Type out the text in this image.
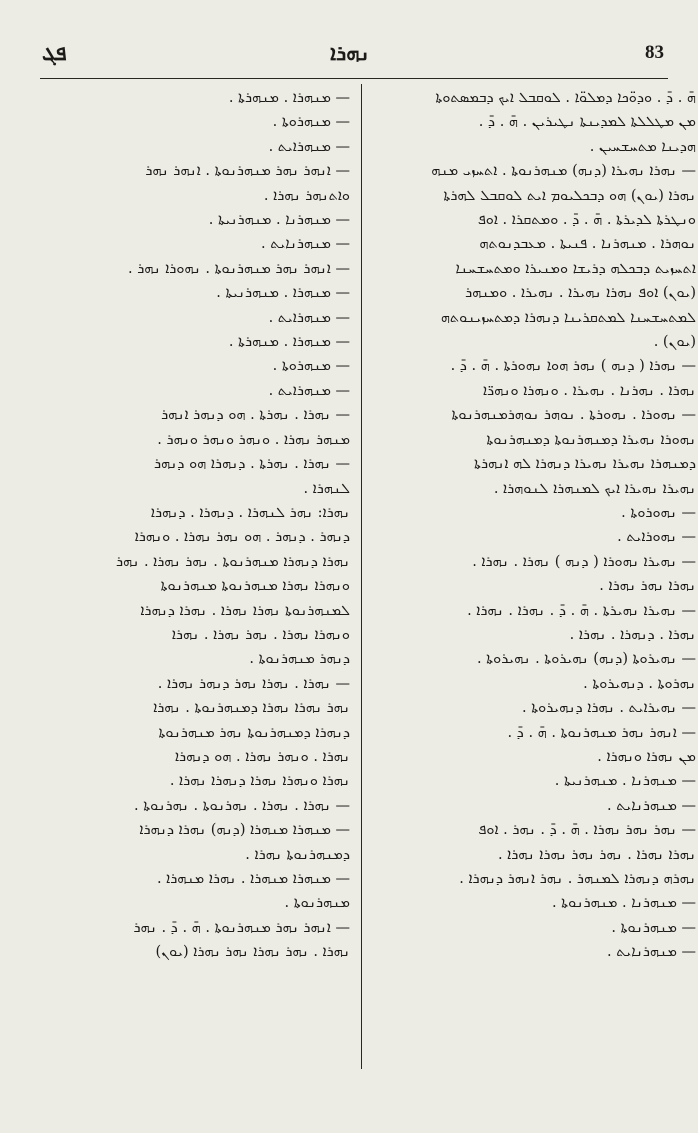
ܦܓ	ܢܗܪܐ	83

ܗ̄ . ܕ̄ . ܘܕܘ̈ܟܐ ܕܡܠܘ̈ܐ . ܠܘܩܒܠ ܐܝܟ ܕܒܡܣܬܘܬܐ

ܡܢ ܡܛܠܠܬܐ ܠܡܕܝܢܬܐ ܢܛܝܪܝܢ . ܗ̄ . ܕ̄ .

ܗܕܝܢܐ ܡܬܚܫܚܝܢ .

— ܢܗܪܐ ܢܗܝܪܐ (ܕܢܗ) ܡܢܗܪܢܘܬܐ . ܐܬܚܙܝ ܡܢܗ

ܢܗܪܐ (ܝܘܢ) ܗܘ ܕܒܟܠܝܘܡ ܐܝܬ ܠܘܩܒܠ ܠܗܪܬܐ

ܘܢܛܪܬܐ ܠܕܝܪܬܐ . ܗ̄ . ܕ̄ . ܘܡܬܩܪܐ . ܐܘܦ

ܢܘܗܪܐ . ܡܢܗܪܢܐ . ܦܢܝܬܐ . ܡܥܒܕܢܘܬܗ

ܐܬܚܙܝܬ ܕܒܟܠܗ ܕܪܝܫܐ ܘܡܢܝܪܐ ܘܡܬܚܫܚܢܐ

(ܝܘܢ) ܐܘܦ ܢܗܪܐ ܢܗܝܪܐ . ܢܗܝܪܐ . ܘܡܢܗܪ

ܠܡܬܚܫܚܢܐ ܠܡܬܩܪܝܢܐ ܕܢܗܪܐ ܕܡܬܚܙܝܢܘܬܗ

(ܝܘܢ) .

— ܢܗܪܐ ( ܕܢܗ ) ܢܗܪ ܗܘܐ ܢܗܘܪܬܐ . ܗ̄ . ܕ̄ .

ܢܗܪܐ . ܢܗܪܢܐ . ܢܗܝܪܐ . ܘܢܗܪܐ ܘܢܗܪ̈ܐ

— ܢܗܘܪܐ . ܢܗܘܪܬܐ . ܢܘܗܪ ܢܘܗܪܡܢܗܪܢܘܬܐ

ܢܗܘܪܐ ܢܗܝܪܐ ܕܡܢܗܪܢܘܬܐ ܕܡܢܗܪܢܘܬܐ

ܕܡܢܗܪܐ ܢܗܝܪܐ ܢܗܝܪܐ ܕܢܗܪܐ ܠܗ ܐܢܗܪܬܐ

ܢܗܝܪܐ ܢܗܝܪܐ ܐܝܟ ܠܡܢܗܪܐ ܠܢܘܗܪܐ .

— ܢܗܘܪܘܬܐ .

— ܢܗܘܪܐܝܬ .

— ܢܗܝܪܐ ܢܗܘܪܐ ( ܕܢܗ ) ܢܗܪܐ . ܢܗܪܐ .

ܢܗܪܐ ܢܗܪ ܢܗܪܐ .

— ܢܗܝܪܐ ܢܗܝܪܬܐ . ܗ̄ . ܕ̄ . ܢܗܪܐ . ܢܗܪܐ .

ܢܗܪܐ . ܕܢܗܪܐ . ܢܗܪܐ .

— ܢܗܝܪܘܬܐ (ܕܢܗ) ܢܗܝܪܘܬܐ . ܢܗܝܪܘܬܐ .

ܢܗܪܘܬܐ . ܕܢܗܝܪܘܬܐ .

— ܢܗܝܪܐܝܬ . ܢܗܪܐ ܕܢܗܝܪܘܬܐ .

— ܐܢܗܪ ܢܗܪ ܡܢܗܪܢܘܬܐ . ܗ̄ . ܕ̄ .

ܡܢ ܢܗܪܐ ܘܢܗܪܐ .

— ܡܢܗܪܢܐ . ܡܢܗܪܢܝܬܐ .

— ܡܢܗܪܢܐܝܬ .

— ܢܗܪ ܢܗܪ ܢܗܪܐ . ܗ̄ . ܕ̄ . ܢܗܪ . ܐܘܦ

ܢܗܪܐ ܢܗܪܐ . ܢܗܪ ܢܗܪ ܢܗܪܐ ܢܗܪܐ .

ܢܗܪܗ ܕܢܗܪܐ ܠܡܢܗܪ . ܢܗܪ ܐܢܗܪ ܕܢܗܪܐ .

— ܡܢܗܪܢܐ . ܡܢܗܪܢܘܬܐ .

— ܡܢܗܪܢܘܬܐ .

— ܡܢܗܪܢܐܝܬ .

— ܡܢܗܪܐ . ܡܢܗܪܬܐ .

— ܡܢܗܪܘܬܐ .

— ܡܢܗܪܐܝܬ .

— ܐܢܗܪ ܢܗܪ ܡܢܗܪܢܘܬܐ . ܐܢܗܪ ܢܗܪ

ܘܐܬܢܗܪ ܢܗܪܐ .

— ܡܢܗܪܢܐ . ܡܢܗܪܢܝܬܐ .

— ܡܢܗܪܢܐܝܬ .

— ܐܢܗܪ ܢܗܪ ܡܢܗܪܢܘܬܐ . ܢܗܘܪܐ ܢܗܪ .

— ܡܢܗܪܐ . ܡܢܗܪܢܝܬܐ .

— ܡܢܗܪܐܝܬ .

— ܡܢܗܪܐ . ܡܢܗܪܬܐ .

— ܡܢܗܪܘܬܐ .

— ܡܢܗܪܐܝܬ .

— ܢܗܪܐ . ܢܗܪܬܐ . ܗܘ ܕܢܗܪ ܐܢܗܪ

ܡܢܗܪ ܢܗܪܐ . ܘܢܗܪ ܘܢܗܪ ܘܢܗܪ .

— ܢܗܪܐ . ܢܗܪܬܐ . ܕܢܗܪܐ ܗܘ ܕܢܗܪ

ܠܢܗܪܐ .

ܢܗܪܐ: ܢܗܪ ܠܢܗܪܐ . ܕܢܗܪܐ . ܕܢܗܪܐ

ܕܢܗܪ . ܕܢܗܪ . ܗܘ ܢܗܪ ܢܗܪܐ . ܘܢܗܪܐ

ܢܗܪܐ ܕܢܗܪܐ ܡܢܗܪܢܘܬܐ . ܢܗܪ ܢܗܪܐ . ܢܗܪ

ܘܢܗܪܐ ܢܗܪܐ ܡܢܗܪܢܘܬܐ ܡܢܗܪܢܘܬܐ

ܠܡܢܗܪܢܘܬܐ ܢܗܪܐ ܢܗܪܐ . ܢܗܪܐ ܕܢܗܪܐ

ܘܢܗܪܐ ܢܗܪܐ . ܢܗܪ ܢܗܪܐ . ܢܗܪܐ

ܕܢܗܪ ܡܢܗܪܢܘܬܐ .

— ܢܗܪܐ . ܢܗܪܐ ܢܗܪ ܕܢܗܪ ܢܗܪܐ .

ܢܗܪ ܢܗܪܐ ܢܗܪܐ ܕܡܢܗܪܢܘܬܐ . ܢܗܪܐ

ܕܢܗܪܐ ܕܡܢܗܪܢܘܬܐ ܢܗܪ ܡܢܗܪܢܘܬܐ

ܢܗܪܐ . ܘܢܗܪ ܢܗܪܐ . ܗܘ ܕܢܗܪܐ

ܢܗܪܐ ܘܢܗܪܐ ܢܗܪܐ ܕܢܗܪܐ ܢܗܪܐ .

— ܢܗܪܐ . ܢܗܪܐ . ܢܗܪܢܘܬܐ . ܢܗܪܢܘܬܐ .

— ܡܢܗܪܐ ܡܢܗܪܐ (ܕܢܗ) ܢܗܪܐ ܕܢܗܪܐ

ܕܡܢܗܪܢܘܬܐ ܢܗܪܐ .

— ܡܢܗܪܐ ܡܢܗܪܐ . ܢܗܪܐ ܡܢܗܪܐ .

ܡܢܗܪܢܘܬܐ .

— ܐܢܗܪ ܢܗܪ ܡܢܗܪܢܘܬܐ . ܗ̄ . ܕ̄ . ܢܗܪ

ܢܗܪܐ . ܢܗܪ ܢܗܪܐ ܢܗܪ ܢܗܪܐ (ܝܘܢ)
